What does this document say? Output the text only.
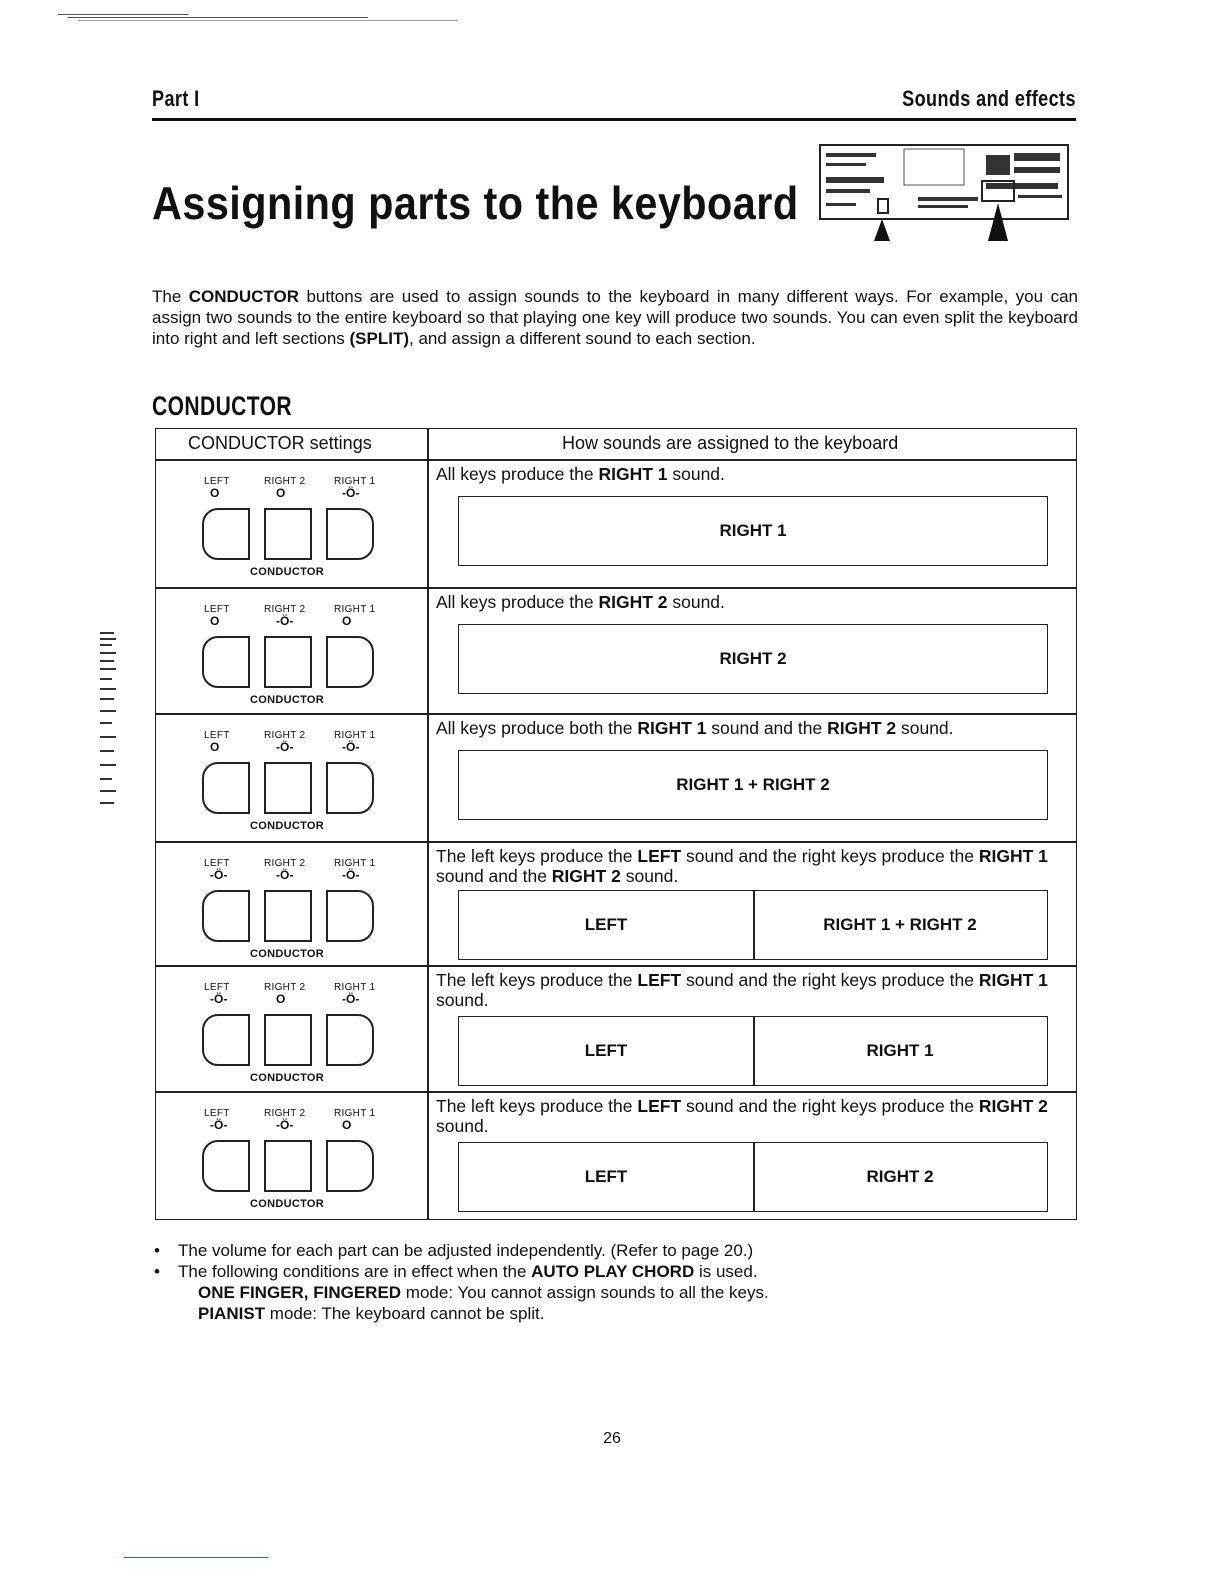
Part I	Sounds and effects
Assigning parts to the keyboard
The CONDUCTOR buttons are used to assign sounds to the keyboard in many different ways. For example, you can assign two sounds to the entire keyboard so that playing one key will produce two sounds. You can even split the keyboard into right and left sections (SPLIT), and assign a different sound to each section.
CONDUCTOR
CONDUCTOR settings	How sounds are assigned to the keyboard
LEFT	RIGHT 2	RIGHT 1
O	O	-Ö-
CONDUCTOR
All keys produce the RIGHT 1 sound.
RIGHT 1
LEFT	RIGHT 2	RIGHT 1
O	-Ö-	O
CONDUCTOR
All keys produce the RIGHT 2 sound.
RIGHT 2
LEFT	RIGHT 2	RIGHT 1
O	-Ö-	-Ö-
CONDUCTOR
All keys produce both the RIGHT 1 sound and the RIGHT 2 sound.
RIGHT 1 + RIGHT 2
LEFT	RIGHT 2	RIGHT 1
-Ö-	-Ö-	-Ö-
CONDUCTOR
The left keys produce the LEFT sound and the right keys produce the RIGHT 1 sound and the RIGHT 2 sound.
LEFT	RIGHT 1 + RIGHT 2
LEFT	RIGHT 2	RIGHT 1
-Ö-	O	-Ö-
CONDUCTOR
The left keys produce the LEFT sound and the right keys produce the RIGHT 1 sound.
LEFT	RIGHT 1
LEFT	RIGHT 2	RIGHT 1
-Ö-	-Ö-	O
CONDUCTOR
The left keys produce the LEFT sound and the right keys produce the RIGHT 2 sound.
LEFT	RIGHT 2
• The volume for each part can be adjusted independently. (Refer to page 20.)
• The following conditions are in effect when the AUTO PLAY CHORD is used.
ONE FINGER, FINGERED mode: You cannot assign sounds to all the keys.
PIANIST mode: The keyboard cannot be split.
26
